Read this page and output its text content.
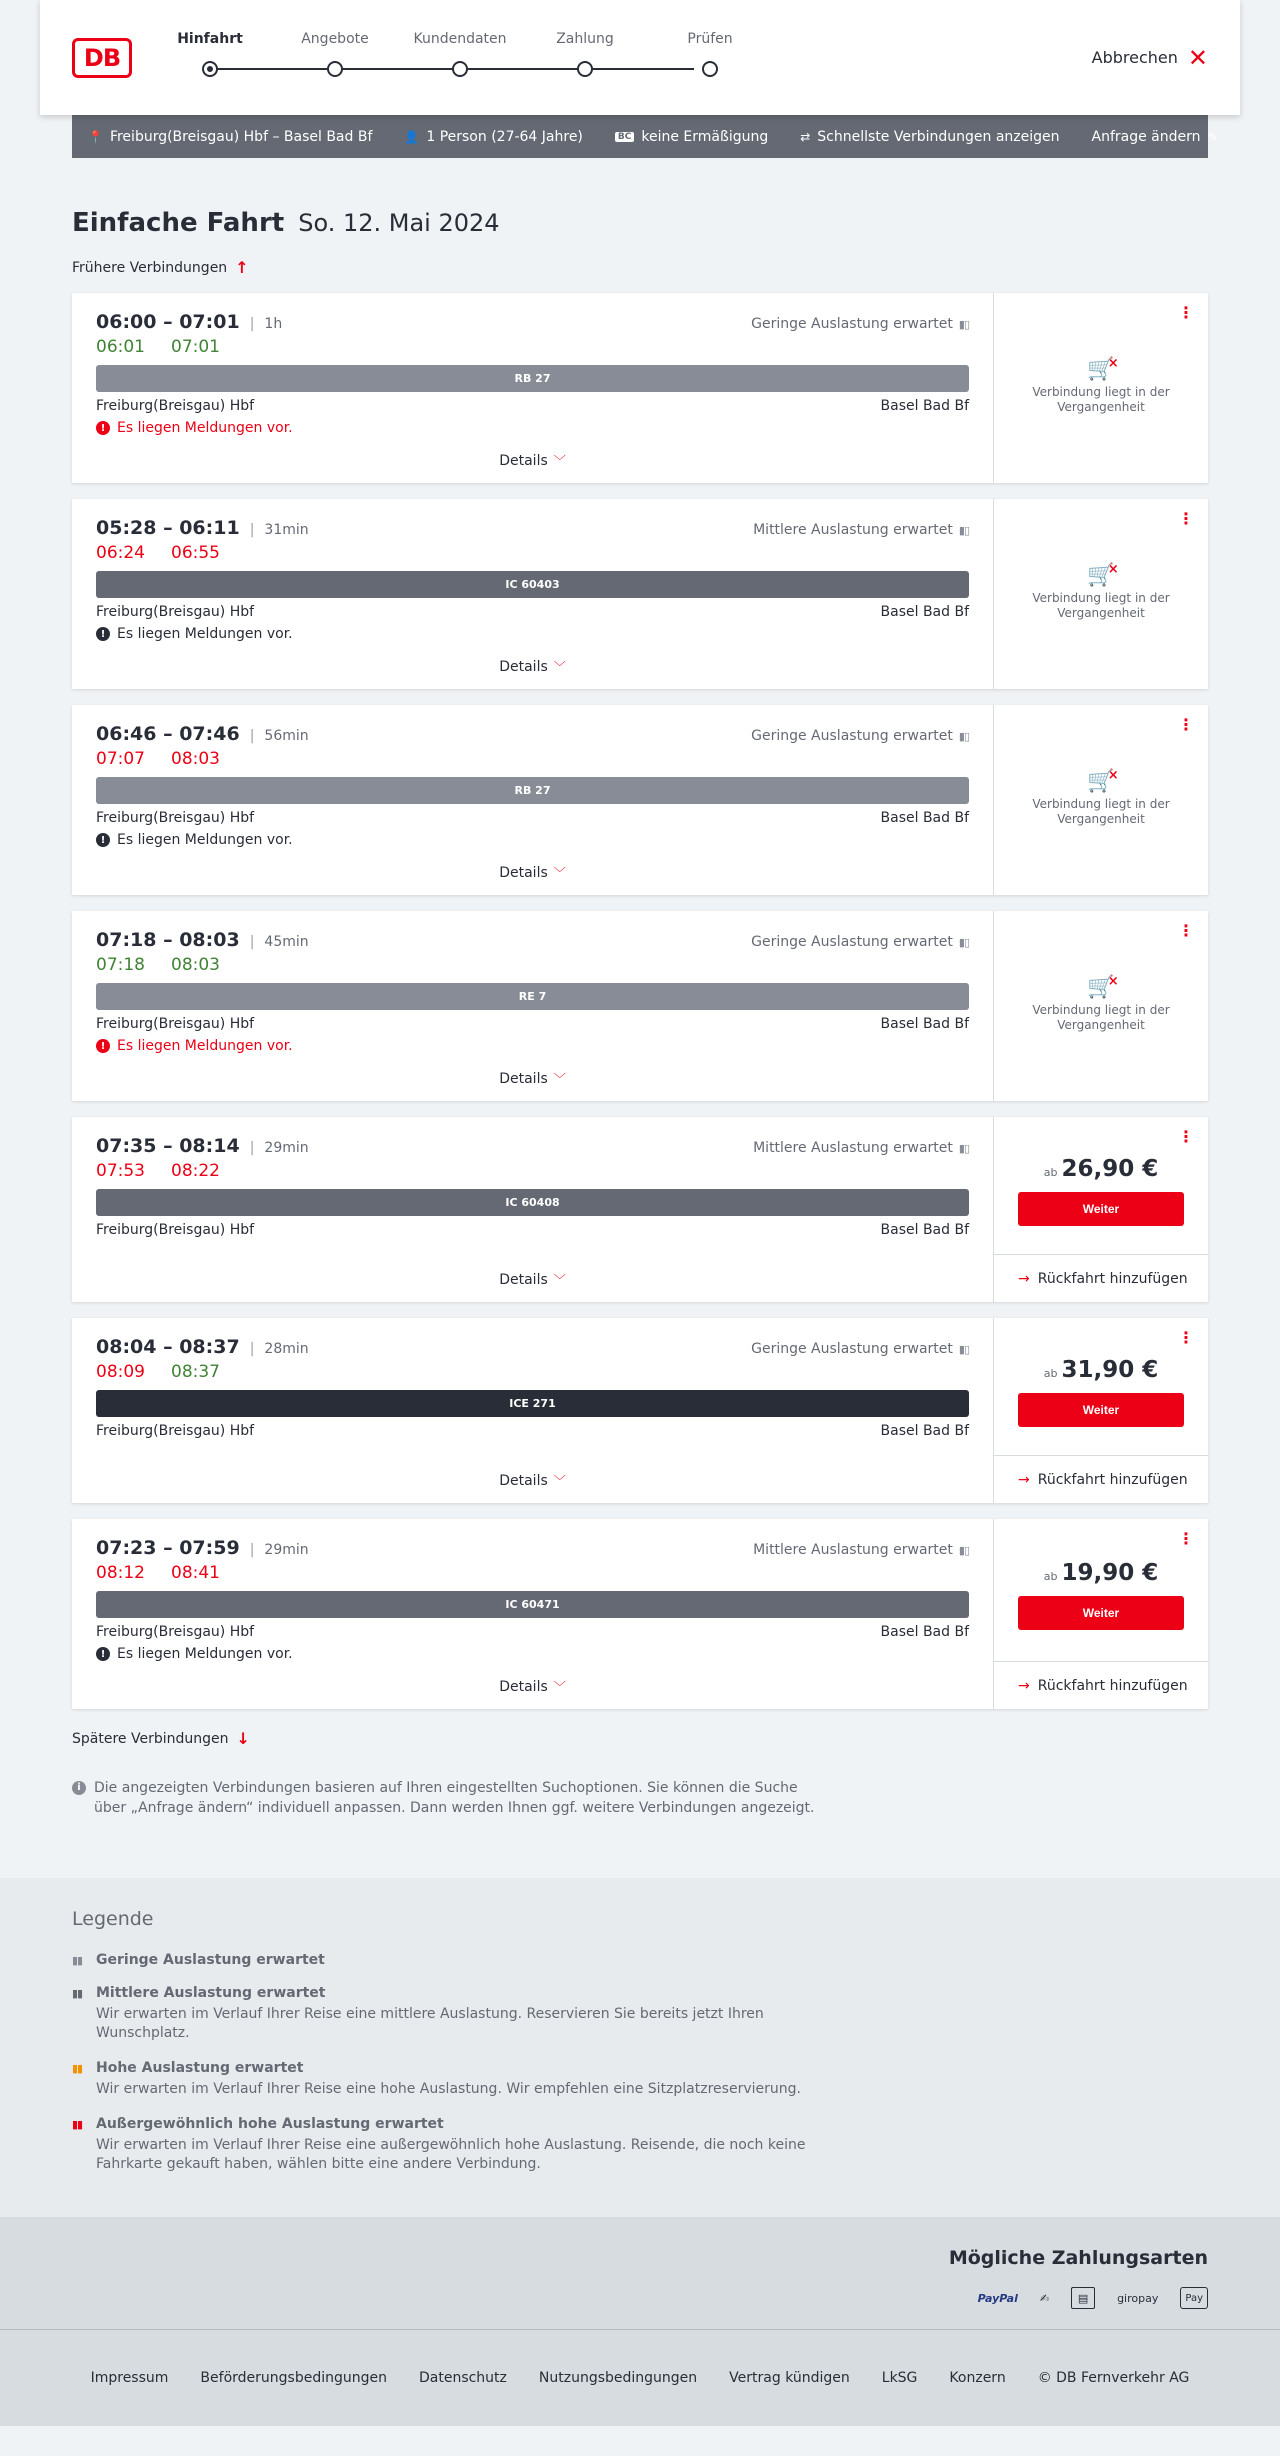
DB
Hinfahrt	Angebote	Kundendaten	Zahlung	Prüfen
Abbrechen ✕
📍 Freiburg(Breisgau) Hbf – Basel Bad Bf	👤 1 Person (27-64 Jahre)	BC keine Ermäßigung	⇄ Schnellste Verbindungen anzeigen Anfrage ändern ✎
Einfache Fahrt So. 12. Mai 2024
Frühere Verbindungen ↑
06:00 – 07:01 | 1h	Geringe Auslastung erwartet ▮▯
06:01 07:01
RB 27
Freiburg(Breisgau) Hbf	Basel Bad Bf
! Es liegen Meldungen vor.
Details ﹀
⋮
🛒 ×
Verbindung liegt in der Vergangenheit
05:28 – 06:11 | 31min	Mittlere Auslastung erwartet ▮▯
06:24 06:55
IC 60403
Freiburg(Breisgau) Hbf	Basel Bad Bf
! Es liegen Meldungen vor.
Details ﹀
⋮
🛒 ×
Verbindung liegt in der Vergangenheit
06:46 – 07:46 | 56min	Geringe Auslastung erwartet ▮▯
07:07 08:03
RB 27
Freiburg(Breisgau) Hbf	Basel Bad Bf
! Es liegen Meldungen vor.
Details ﹀
⋮
🛒 ×
Verbindung liegt in der Vergangenheit
07:18 – 08:03 | 45min	Geringe Auslastung erwartet ▮▯
07:18 08:03
RE 7
Freiburg(Breisgau) Hbf	Basel Bad Bf
! Es liegen Meldungen vor.
Details ﹀
⋮
🛒 ×
Verbindung liegt in der Vergangenheit
07:35 – 08:14 | 29min	Mittlere Auslastung erwartet ▮▯
07:53 08:22
IC 60408
Freiburg(Breisgau) Hbf	Basel Bad Bf
Details ﹀
⋮
ab 26,90 €
Weiter
→ Rückfahrt hinzufügen
08:04 – 08:37 | 28min	Geringe Auslastung erwartet ▮▯
08:09 08:37
ICE 271
Freiburg(Breisgau) Hbf	Basel Bad Bf
Details ﹀
⋮
ab 31,90 €
Weiter
→ Rückfahrt hinzufügen
07:23 – 07:59 | 29min	Mittlere Auslastung erwartet ▮▯
08:12 08:41
IC 60471
Freiburg(Breisgau) Hbf	Basel Bad Bf
! Es liegen Meldungen vor.
Details ﹀
⋮
ab 19,90 €
Weiter
→ Rückfahrt hinzufügen
Spätere Verbindungen ↓
i Die angezeigten Verbindungen basieren auf Ihren eingestellten Suchoptionen. Sie können die Suche über „Anfrage ändern“ individuell anpassen. Dann werden Ihnen ggf. weitere Verbindungen angezeigt.
Legende
▮▮ Geringe Auslastung erwartet
▮▮ Mittlere Auslastung erwartet
Wir erwarten im Verlauf Ihrer Reise eine mittlere Auslastung. Reservieren Sie bereits jetzt Ihren Wunschplatz.
▮▮ Hohe Auslastung erwartet
Wir erwarten im Verlauf Ihrer Reise eine hohe Auslastung. Wir empfehlen eine Sitzplatzreservierung.
▮▮ Außergewöhnlich hohe Auslastung erwartet
Wir erwarten im Verlauf Ihrer Reise eine außergewöhnlich hohe Auslastung. Reisende, die noch keine Fahrkarte gekauft haben, wählen bitte eine andere Verbindung.
Mögliche Zahlungsarten
PayPal ✍	▤	giropay	Pay
Impressum Beförderungsbedingungen Datenschutz Nutzungsbedingungen Vertrag kündigen LkSG Konzern © DB Fernverkehr AG
